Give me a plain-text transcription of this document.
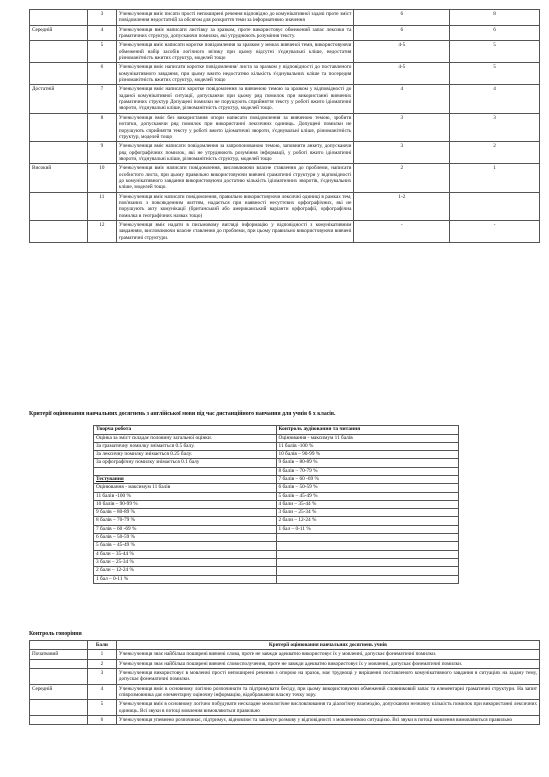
	3	Учень\учениця вміє писати прості непоширені речення відповідно до комунікативної задачі проте зміст повідомлення недостатній за обсягом для розкриття теми за інформативно значення	6	8
Середній	4	Учень\учениця вміє написати листівку за зразком, проте використовує обмежений запас лексики та граматичних структур, допускаючи помилки, які утруднюють розуміння тексту.	6	6
	5	Учень\учениця вміє написати коротке повідомлення за зразком у межах вивченої теми, використовуючи обмежений набір засобів логічного зв'язку при цьому відсутні з'єднувальні кліше, недостатня різноманітність вжитих структур, моделей тощо	4-5	5
	6	Учень\учениця вміє написати коротке повідомлення/ листа за зразком у відповідності до поставленого комунікативного завдання, при цьому вжито недостатню кількість з'єднувальних кліше та посередня різноманітність вжитих структур, моделей тощо	4-5	5
Достатній	7	Учень\учениця вміє написати коротке повідомлення за вивченою темою за зразком у відповідності до заданої комунікативної ситуації, допускаючи при цьому ряд помилок при використанні вивчених граматичних структур Допущені помилки не порушують сприйняття тексту у роботі вжито ідіоматичні звороти, з'єднувальні кліше, різноманітність структур, моделей тощо.	4	4
	8	Учень\учениця вміє без використання опори написати повідомлення за вивченою темою, зробити нотатки, допускаючи ряд помилок при використанні лексичних одиниць. Допущені помилки не порушують сприйняття тексту у роботі вжито ідіоматичні звороти, з'єднувальні кліше, різноманітність структур, моделей тощо	3	3
	9	Учень\учениця вміє написати повідомлення за запропонованою темою, заповнити анкету, допускаючи ряд орфографічних помилок, які не утруднюють розуміння інформації, у роботі вжито ідіоматичні звороти, з'єднувальні кліше, різноманітність структур, моделей тощо	3	2
Високий	10	Учень\учениця вміє написати повідомлення, висловлюючи власне ставлення до проблеми, написати особистого листа, при цьому правильно використовуючи вивчені граматичні структури у відповідності до комунікативного завдання використовуючи достатню кількість ідіоматичних зворотів, з'єднувальних кліше, моделей тощо.	2	1
	11	Учень\учениця вміє написати повідомлення, правильно використовуючи лексичні одиниці в рамках тем, пов'язаних з повсякденним життям, надається при наявності несуттєвих орфографічних, які не порушують акту комунікації (британський або американський варіанти орфографії, орфографічна помилка в географічних назвах тощо)	1-2	
	12	Учень\учениця вміє надати в письмовому вигляді інформацію у відповідності з комунікативним завданням, висловлюючи власне ставлення до проблеми, при цьому правильно використовуючи вивчені граматичні структури.	-	-
Критерії оцінювання навчальних досягнень з англійської мови під час дистанційного навчання для учнів 6 х класів.
Творча робота	Контроль аудіювання та читання
Оцінка за зміст складає половину загальної оцінки.	Оцінювання - максимум 11 балів
За граматичну помилку знімається 0.5 балу.	11 балів -100 %
За лексичну помилку знімається 0.25 балу.	10 балів – 90-99 %
За орфографічну помилку знімається 0.1 балу	9 балів – 80-89 %
	8 балів – 70-79 %
Тестування	7 балів – 60 -69 %
Оцінювання - максимум 11 балів	6 балів – 50-59 %
11 балів -100 %	5 балів – 45-49 %
10 балів – 90-99 %	4 бали – 35-44 %
9 балів – 80-89 %	3 бали – 25-34 %
8 балів – 70-79 %	2 бали – 12-24 %
7 балів – 60 -69 %	1 бал – 0-11 %
6 балів – 50-59 %	
5 балів – 45-49 %	
4 бали – 35-44 %	
3 бали – 25-34 %	
2 бали – 12-24 %	
1 бал – 0-11 %	
Контроль говоріння
	Бали	Критерії оцінювання навчальних досягнень учнів
Початковий	1	Учень\учениця знає найбільш поширені вивчені слова, проте не завжди адекватно використовує їх у мовленні, допускає фонематичні помилки.
	2	Учень\учениця знає найбільш поширені вивчені словосполучення, проте не завжди адекватно використовує їх у мовленні, допускає фонематичні помилки.
	3	Учень\учениця використовує в мовленні прості непоширені речення з опорою на зразок, має труднощі у вирішенні поставленого комунікативного завдання в ситуаціях на задану тему, допускає фонематичні помилки.
Середній	4	Учень\учениця вміє в основному логічно розпочинати та підтримувати бесіду, при цьому використовуючи обмежений словниковий запас та елементарні граматичні структури. На запит співрозмовника дає елементарну оціночну інформацію, відображаючи власну точку зору.
	5	Учень\учениця вміє в основному логічно побудувати нескладне монологічне висловлювання та діалогічну взаємодію, допускаючи незначну кількість помилок при використанні лексичних одиниць. Всі звуки в потоці мовлення вимовляються правильно
	6	Учень\учениця упевнено розпочинає, підтримує, відновлює та закінчує розмову у відповідності з мовленнєвою ситуацією. Всі звуки в потоці мовлення вимовляються правильно
